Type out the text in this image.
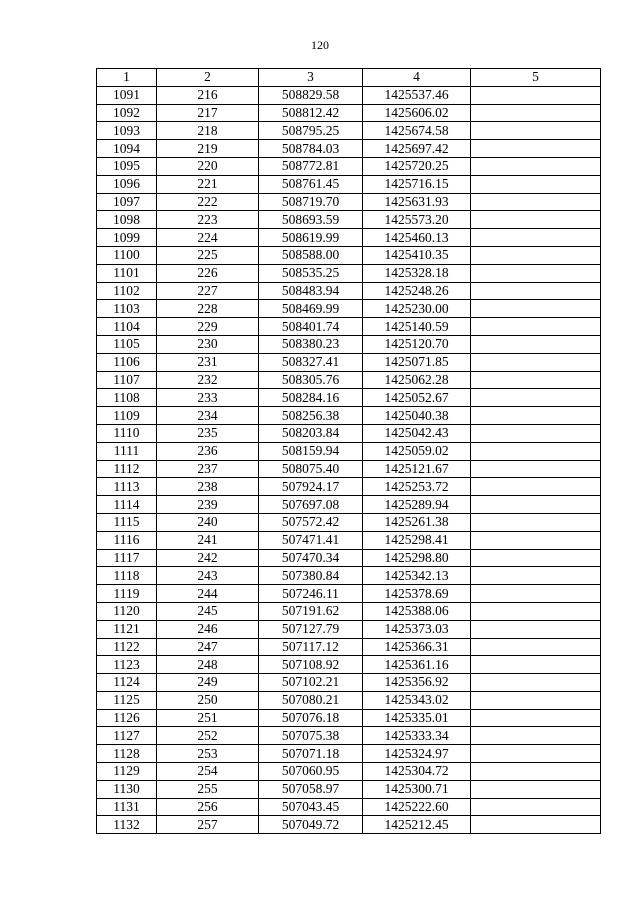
120
1	2	3	4	5
1091	216	508829.58	1425537.46	
1092	217	508812.42	1425606.02	
1093	218	508795.25	1425674.58	
1094	219	508784.03	1425697.42	
1095	220	508772.81	1425720.25	
1096	221	508761.45	1425716.15	
1097	222	508719.70	1425631.93	
1098	223	508693.59	1425573.20	
1099	224	508619.99	1425460.13	
1100	225	508588.00	1425410.35	
1101	226	508535.25	1425328.18	
1102	227	508483.94	1425248.26	
1103	228	508469.99	1425230.00	
1104	229	508401.74	1425140.59	
1105	230	508380.23	1425120.70	
1106	231	508327.41	1425071.85	
1107	232	508305.76	1425062.28	
1108	233	508284.16	1425052.67	
1109	234	508256.38	1425040.38	
1110	235	508203.84	1425042.43	
1111	236	508159.94	1425059.02	
1112	237	508075.40	1425121.67	
1113	238	507924.17	1425253.72	
1114	239	507697.08	1425289.94	
1115	240	507572.42	1425261.38	
1116	241	507471.41	1425298.41	
1117	242	507470.34	1425298.80	
1118	243	507380.84	1425342.13	
1119	244	507246.11	1425378.69	
1120	245	507191.62	1425388.06	
1121	246	507127.79	1425373.03	
1122	247	507117.12	1425366.31	
1123	248	507108.92	1425361.16	
1124	249	507102.21	1425356.92	
1125	250	507080.21	1425343.02	
1126	251	507076.18	1425335.01	
1127	252	507075.38	1425333.34	
1128	253	507071.18	1425324.97	
1129	254	507060.95	1425304.72	
1130	255	507058.97	1425300.71	
1131	256	507043.45	1425222.60	
1132	257	507049.72	1425212.45	
